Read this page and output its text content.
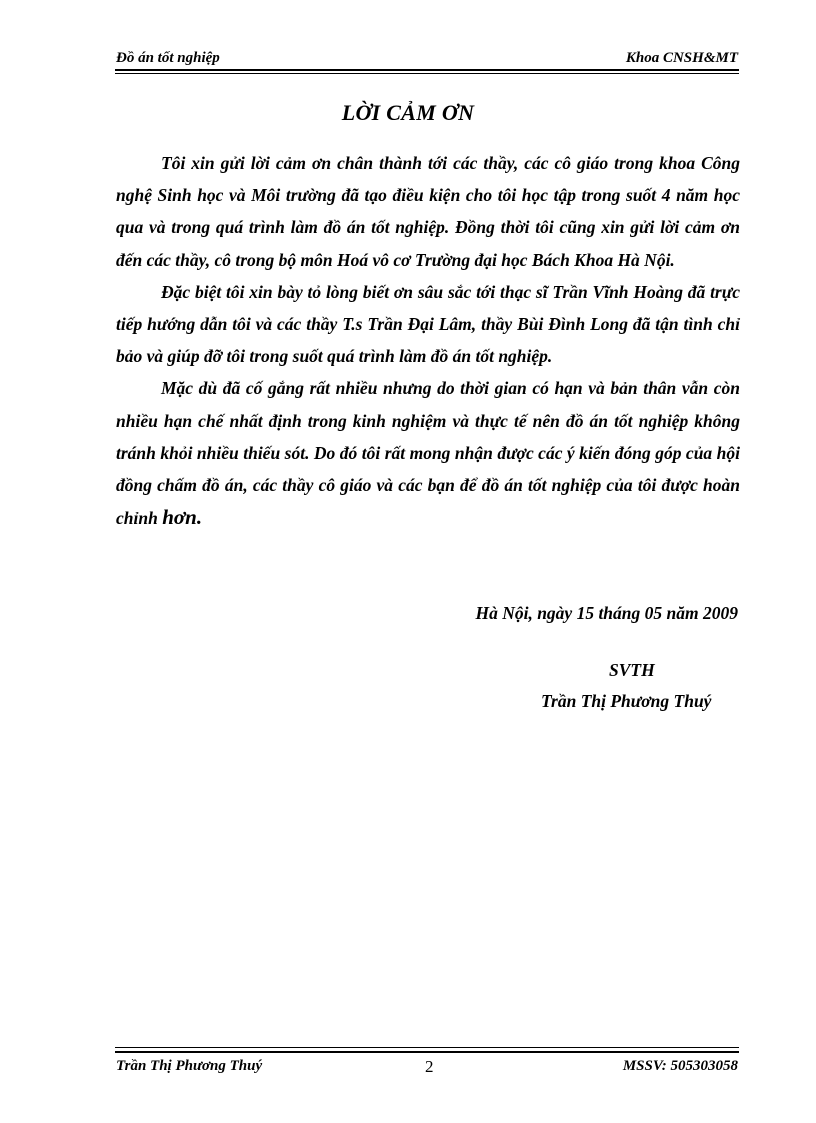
Đồ án tốt nghiệp	Khoa CNSH&MT
LỜI CẢM ƠN

Tôi xin gửi lời cảm ơn chân thành tới các thầy, các cô giáo trong khoa Công nghệ Sinh học và Môi trường đã tạo điều kiện cho tôi học tập trong suốt 4 năm học qua và trong quá trình làm đồ án tốt nghiệp. Đồng thời tôi cũng xin gửi lời cảm ơn đến các thầy, cô trong bộ môn Hoá vô cơ Trường đại học Bách Khoa Hà Nội.

Đặc biệt tôi xin bày tỏ lòng biết ơn sâu sắc tới thạc sĩ Trần Vĩnh Hoàng đã trực tiếp hướng dẫn tôi và các thầy T.s Trần Đại Lâm, thầy Bùi Đình Long đã tận tình chỉ bảo và giúp đỡ tôi trong suốt quá trình làm đồ án tốt nghiệp.

Mặc dù đã cố gắng rất nhiều nhưng do thời gian có hạn và bản thân vẫn còn nhiều hạn chế nhất định trong kinh nghiệm và thực tế nên đồ án tốt nghiệp không tránh khỏi nhiều thiếu sót. Do đó tôi rất mong nhận được các ý kiến đóng góp của hội đồng chấm đồ án, các thầy cô giáo và các bạn để đồ án tốt nghiệp của tôi được hoàn chỉnh hơn.

Hà Nội, ngày 15 tháng 05 năm 2009
SVTH
Trần Thị Phương Thuý
Trần Thị Phương Thuý	2	MSSV: 505303058
